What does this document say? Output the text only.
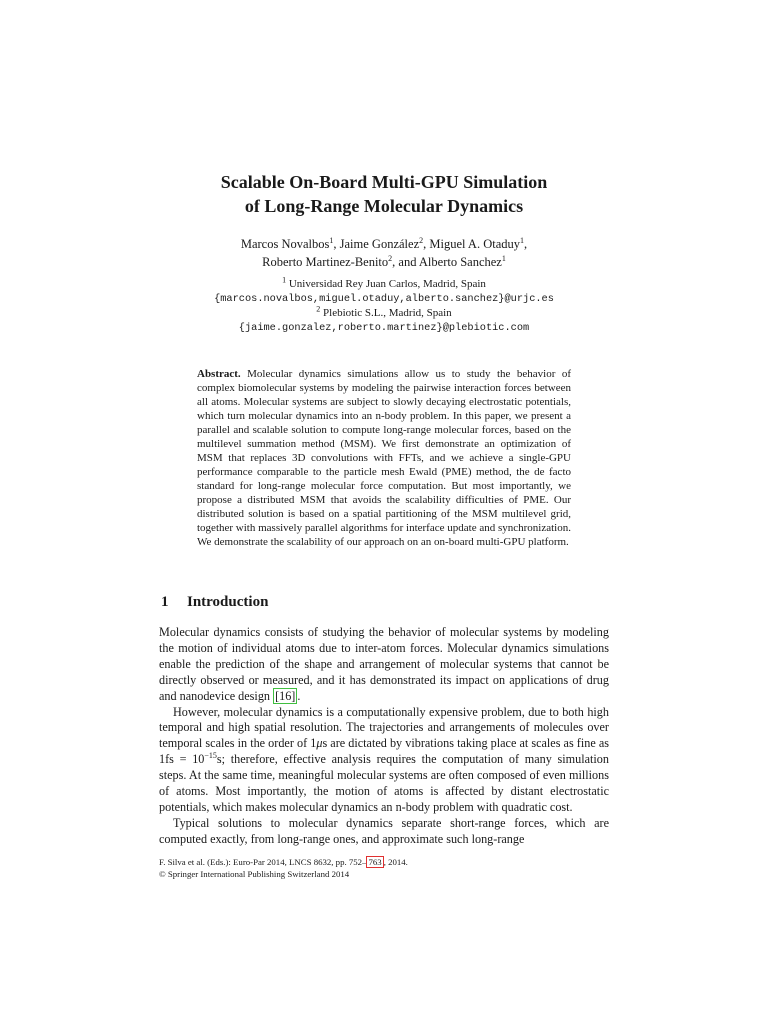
Scalable On-Board Multi-GPU Simulation
of Long-Range Molecular Dynamics
Marcos Novalbos$^1$, Jaime González$^2$, Miguel A. Otaduy$^1$,
Roberto Martinez-Benito$^2$, and Alberto Sanchez$^1$
$^1$ Universidad Rey Juan Carlos, Madrid, Spain
{marcos.novalbos,miguel.otaduy,alberto.sanchez}@urjc.es
$^2$ Plebiotic S.L., Madrid, Spain
{jaime.gonzalez,roberto.martinez}@plebiotic.com
Abstract. Molecular dynamics simulations allow us to study the behavior of complex biomolecular systems by modeling the pairwise interaction forces between all atoms. Molecular systems are subject to slowly decaying electrostatic potentials, which turn molecular dynamics into an n-body problem. In this paper, we present a parallel and scalable solution to compute long-range molecular forces, based on the multilevel summation method (MSM). We first demonstrate an optimization of MSM that replaces 3D convolutions with FFTs, and we achieve a single-GPU performance comparable to the particle mesh Ewald (PME) method, the de facto standard for long-range molecular force computation. But most importantly, we propose a distributed MSM that avoids the scalability difficulties of PME. Our distributed solution is based on a spatial partitioning of the MSM multilevel grid, together with massively parallel algorithms for interface update and synchronization. We demonstrate the scalability of our approach on an on-board multi-GPU platform.
1 Introduction

Molecular dynamics consists of studying the behavior of molecular systems by modeling the motion of individual atoms due to inter-atom forces. Molecular dynamics simulations enable the prediction of the shape and arrangement of molecular systems that cannot be directly observed or measured, and it has demonstrated its impact on applications of drug and nanodevice design [16] .

However, molecular dynamics is a computationally expensive problem, due to both high temporal and high spatial resolution. The trajectories and arrangements of molecules over temporal scales in the order of 1μs are dictated by vibrations taking place at scales as fine as $1fs = 10^{-15}s$; therefore, effective analysis requires the computation of many simulation steps. At the same time, meaningful molecular systems are often composed of even millions of atoms. Most importantly, the motion of atoms is affected by distant electrostatic potentials, which makes molecular dynamics an n-body problem with quadratic cost.

Typical solutions to molecular dynamics separate short-range forces, which are computed exactly, from long-range ones, and approximate such long-range

F. Silva et al. (Eds.): Euro-Par 2014, LNCS 8632, pp. 752– 763 , 2014.
© Springer International Publishing Switzerland 2014
